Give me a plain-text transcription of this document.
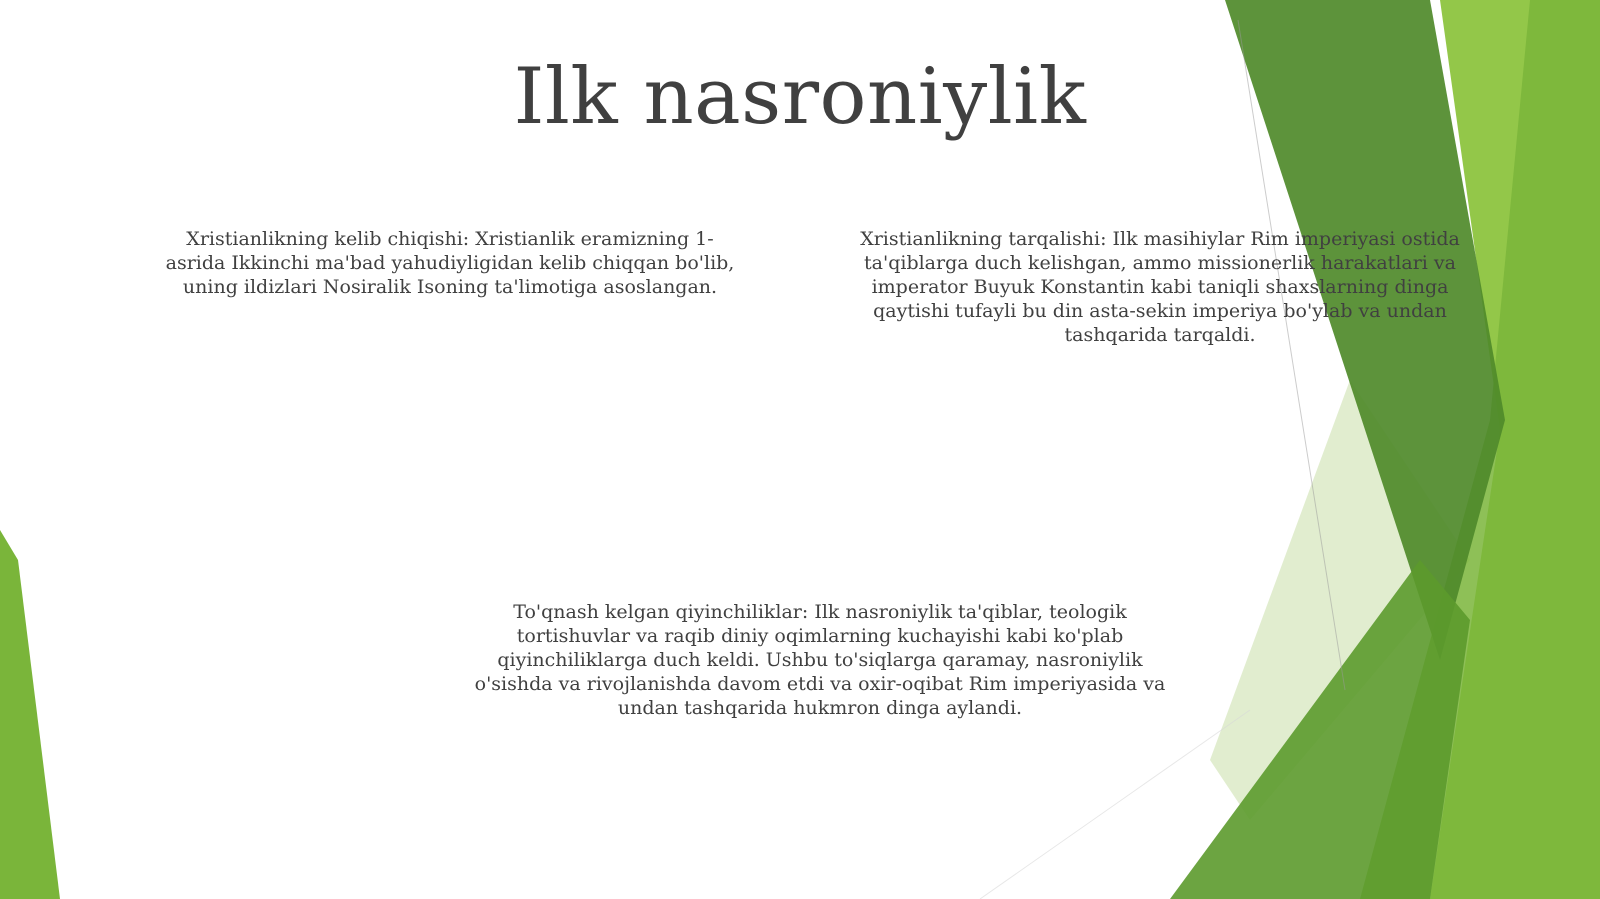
Ilk nasroniylik
Xristianlikning kelib chiqishi: Xristianlik eramizning 1-asrida Ikkinchi ma'bad yahudiyligidan kelib chiqqan bo'lib, uning ildizlari Nosiralik Isoning ta'limotiga asoslangan.
Xristianlikning tarqalishi: Ilk masihiylar Rim imperiyasi ostida ta'qiblarga duch kelishgan, ammo missionerlik harakatlari va imperator Buyuk Konstantin kabi taniqli shaxslarning dinga qaytishi tufayli bu din asta-sekin imperiya bo'ylab va undan tashqarida tarqaldi.
To'qnash kelgan qiyinchiliklar: Ilk nasroniylik ta'qiblar, teologik tortishuvlar va raqib diniy oqimlarning kuchayishi kabi ko'plab qiyinchiliklarga duch keldi. Ushbu to'siqlarga qaramay, nasroniylik o'sishda va rivojlanishda davom etdi va oxir-oqibat Rim imperiyasida va undan tashqarida hukmron dinga aylandi.
